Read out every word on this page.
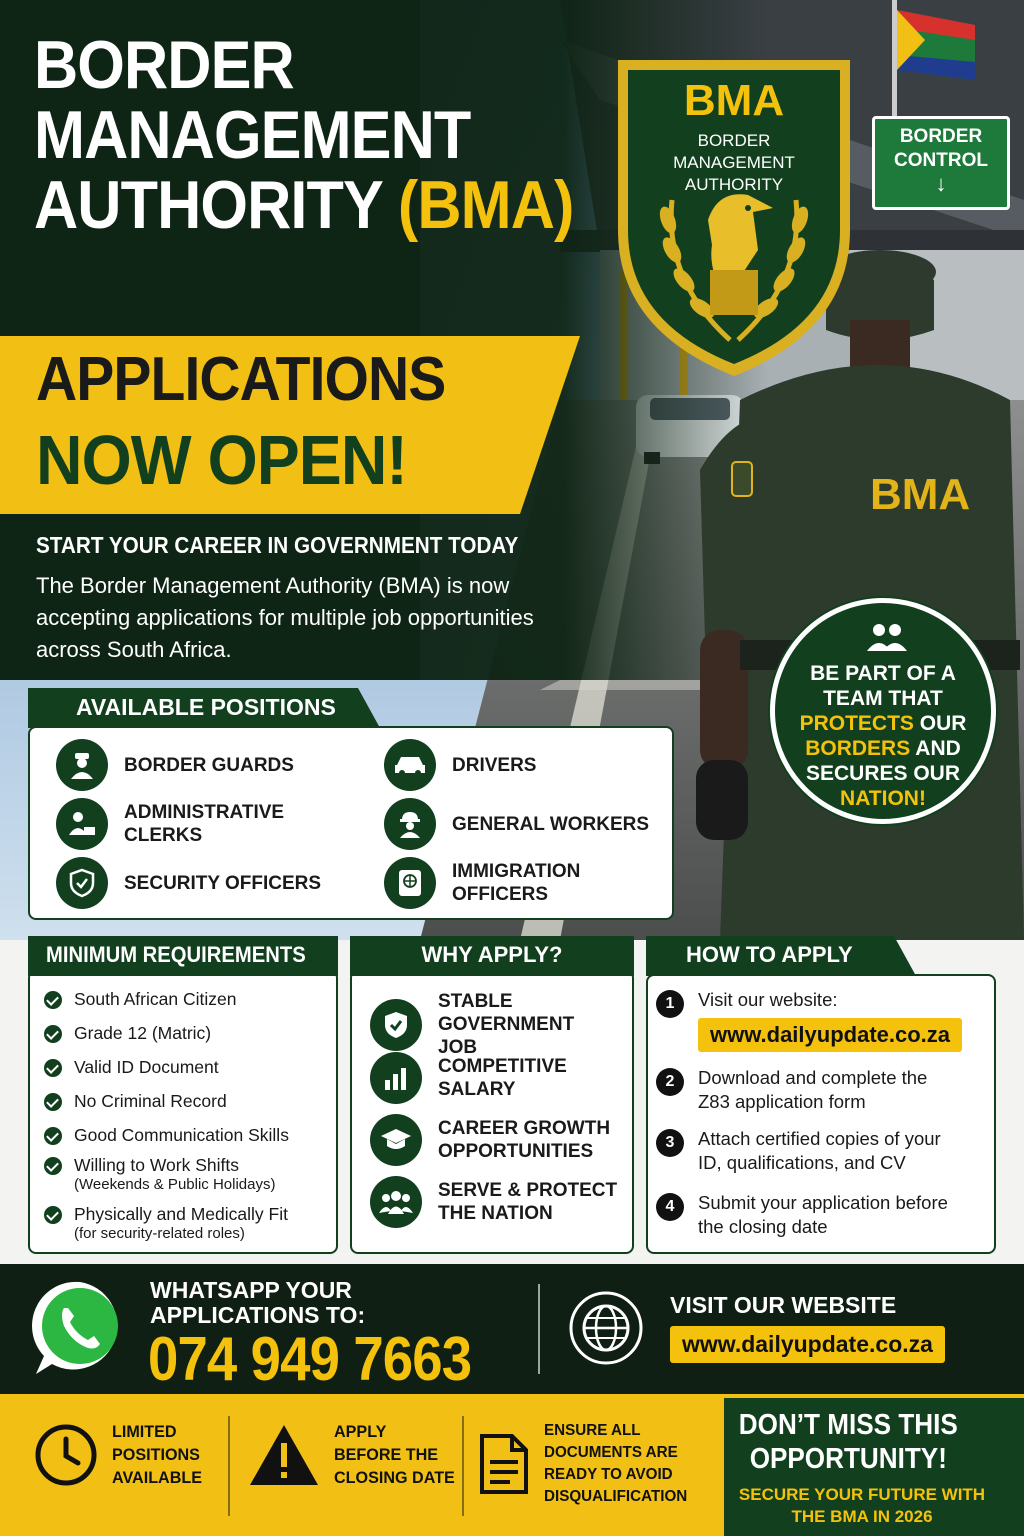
BORDER
MANAGEMENT
AUTHORITY (BMA)
APPLICATIONS
NOW OPEN!
START YOUR CAREER IN GOVERNMENT TODAY
The Border Management Authority (BMA) is now accepting applications for multiple job opportunities across South Africa.
BMA
BORDER MANAGEMENT AUTHORITY
BORDER
CONTROL
↓
BMA
BE PART OF A TEAM THAT PROTECTS OUR BORDERS AND SECURES OUR NATION!
AVAILABLE POSITIONS
BORDER GUARDS
ADMINISTRATIVE CLERKS
SECURITY OFFICERS
DRIVERS
GENERAL WORKERS
IMMIGRATION OFFICERS
MINIMUM REQUIREMENTS
South African Citizen
Grade 12 (Matric)
Valid ID Document
No Criminal Record
Good Communication Skills
Willing to Work Shifts
(Weekends & Public Holidays)
Physically and Medically Fit
(for security-related roles)
WHY APPLY?
STABLE GOVERNMENT JOB
COMPETITIVE SALARY
CAREER GROWTH OPPORTUNITIES
SERVE & PROTECT THE NATION
HOW TO APPLY
1	Visit our website:
www.dailyupdate.co.za
2	Download and complete the Z83 application form
3	Attach certified copies of your ID, qualifications, and CV
4	Submit your application before the closing date
WHATSAPP YOUR
APPLICATIONS TO:
074 949 7663
VISIT OUR WEBSITE
www.dailyupdate.co.za
LIMITED POSITIONS AVAILABLE
APPLY BEFORE THE CLOSING DATE
ENSURE ALL DOCUMENTS ARE READY TO AVOID DISQUALIFICATION
DON’T MISS THIS OPPORTUNITY!
SECURE YOUR FUTURE WITH THE BMA IN 2026
